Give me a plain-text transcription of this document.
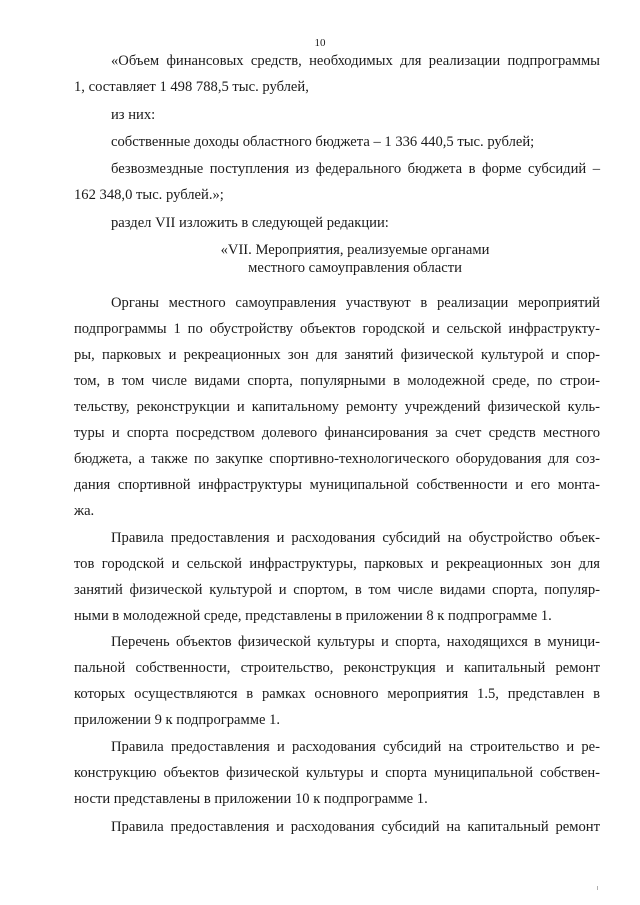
10
«Объем финансовых средств, необходимых для реализации подпрограммы
1, составляет 1 498 788,5 тыс. рублей,
из них:
собственные доходы областного бюджета – 1 336 440,5 тыс. рублей;
безвозмездные поступления из федерального бюджета в форме субсидий –
162 348,0 тыс. рублей.»;
раздел VII изложить в следующей редакции:
«VII. Мероприятия, реализуемые органами
местного самоуправления области
Органы местного самоуправления участвуют в реализации мероприятий
подпрограммы 1 по обустройству объектов городской и сельской инфраструкту-
ры, парковых и рекреационных зон для занятий физической культурой и спор-
том, в том числе видами спорта, популярными в молодежной среде, по строи-
тельству, реконструкции и капитальному ремонту учреждений физической куль-
туры и спорта посредством долевого финансирования за счет средств местного
бюджета, а также по закупке спортивно-технологического оборудования для соз-
дания спортивной инфраструктуры муниципальной собственности и его монта-
жа.
Правила предоставления и расходования субсидий на обустройство объек-
тов городской и сельской инфраструктуры, парковых и рекреационных зон для
занятий физической культурой и спортом, в том числе видами спорта, популяр-
ными в молодежной среде, представлены в приложении 8 к подпрограмме 1.
Перечень объектов физической культуры и спорта, находящихся в муници-
пальной собственности, строительство, реконструкция и капитальный ремонт
которых осуществляются в рамках основного мероприятия 1.5, представлен в
приложении 9 к подпрограмме 1.
Правила предоставления и расходования субсидий на строительство и ре-
конструкцию объектов физической культуры и спорта муниципальной собствен-
ности представлены в приложении 10 к подпрограмме 1.
Правила предоставления и расходования субсидий на капитальный ремонт
